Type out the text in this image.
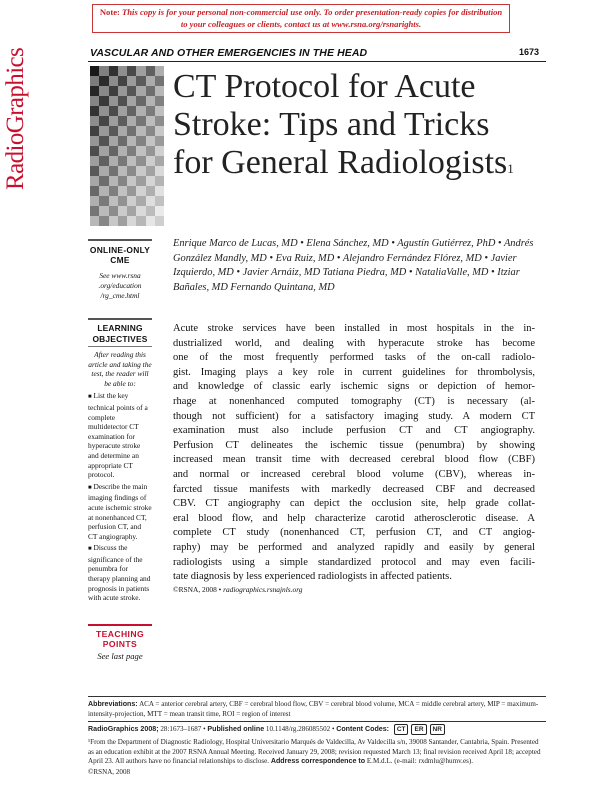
Note: This copy is for your personal non-commercial use only. To order presentation-ready copies for distribution to your colleagues or clients, contact us at www.rsna.org/rsnarights.
VASCULAR AND OTHER EMERGENCIES IN THE HEAD	1673
RadioGraphics	CT Protocol for Acute Stroke: Tips and Tricks for General Radiologists$^1$
Enrique Marco de Lucas, MD • Elena Sánchez, MD • Agustín Gutiérrez, PhD • Andrés González Mandly, MD • Eva Ruiz, MD • Alejandro Fernández Flórez, MD • Javier Izquierdo, MD • Javier Arnáiz, MD Tatiana Piedra, MD • NataliaValle, MD • Itziar Bañales, MD Fernando Quintana, MD
ONLINE-ONLY
CME
See www.rsna .org/education /rg_cme.html
LEARNING
OBJECTIVES
After reading this article and taking the test, the reader will be able to:
■ List the key technical points of a complete multidetector CT examination for hyperacute stroke and determine an appropriate CT protocol.
■ Describe the main imaging findings of acute ischemic stroke at nonenhanced CT, perfusion CT, and CT angiography.
■ Discuss the significance of the penumbra for therapy planning and prognosis in patients with acute stroke.
TEACHING
POINTS
See last page
Acute stroke services have been installed in most hospitals in the in-
dustrialized world, and dealing with hyperacute stroke has become
one of the most frequently performed tasks of the on-call radiolo-
gist. Imaging plays a key role in current guidelines for thrombolysis,
and knowledge of classic early ischemic signs or depiction of hemor-
rhage at nonenhanced computed tomography (CT) is necessary (al-
though not sufficient) for a satisfactory imaging study. A modern CT
examination must also include perfusion CT and CT angiography.
Perfusion CT delineates the ischemic tissue (penumbra) by showing
increased mean transit time with decreased cerebral blood flow (CBF)
and normal or increased cerebral blood volume (CBV), whereas in-
farcted tissue manifests with markedly decreased CBF and decreased
CBV. CT angiography can depict the occlusion site, help grade collat-
eral blood flow, and help characterize carotid atherosclerotic disease. A
complete CT study (nonenhanced CT, perfusion CT, and CT angiog-
raphy) may be performed and analyzed rapidly and easily by general
radiologists using a simple standardized protocol and may even facili-
tate diagnosis by less experienced radiologists in affected patients.
©RSNA, 2008 • radiographics.rsnajnls.org
Abbreviations: ACA = anterior cerebral artery, CBF = cerebral blood flow, CBV = cerebral blood volume, MCA = middle cerebral artery, MIP = maximum-intensity-projection, MTT = mean transit time, ROI = region of interest
RadioGraphics 2008; 28:1673–1687 • Published online 10.1148/rg.286085502 • Content Codes:	CT	ER	NR
¹From the Department of Diagnostic Radiology, Hospital Universitario Marqués de Valdecilla, Av Valdecilla s/n, 39008 Santander, Cantabria, Spain. Presented as an education exhibit at the 2007 RSNA Annual Meeting. Received January 29, 2008; revision requested March 13; final revision received April 18; accepted April 23. All authors have no financial relationships to disclose. Address correspondence to E.M.d.L. (e-mail: rxdmlu@humv.es).
©RSNA, 2008
